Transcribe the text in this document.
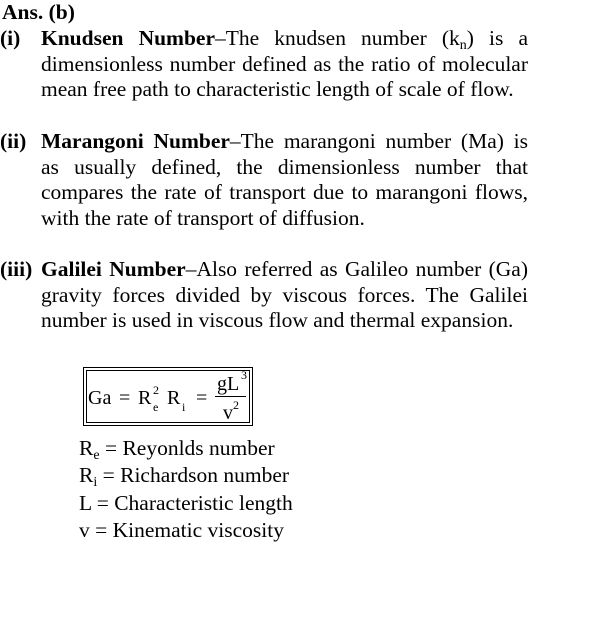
Ans. (b)
(i) Knudsen Number–The knudsen number $(k_n)$ is a dimensionless number defined as the ratio of molecular mean free path to characteristic length of scale of flow.
(ii) Marangoni Number–The marangoni number (Ma) is as usually defined, the dimensionless number that compares the rate of transport due to marangoni flows, with the rate of transport of diffusion.
(iii) Galilei Number–Also referred as Galileo number (Ga) gravity forces divided by viscous forces. The Galilei number is used in viscous flow and thermal expansion.
Ga = R 2
e R i =
gL 3
v 2
$R_e$ = Reyonlds number
$R_i$ = Richardson number
L = Characteristic length
v = Kinematic viscosity
